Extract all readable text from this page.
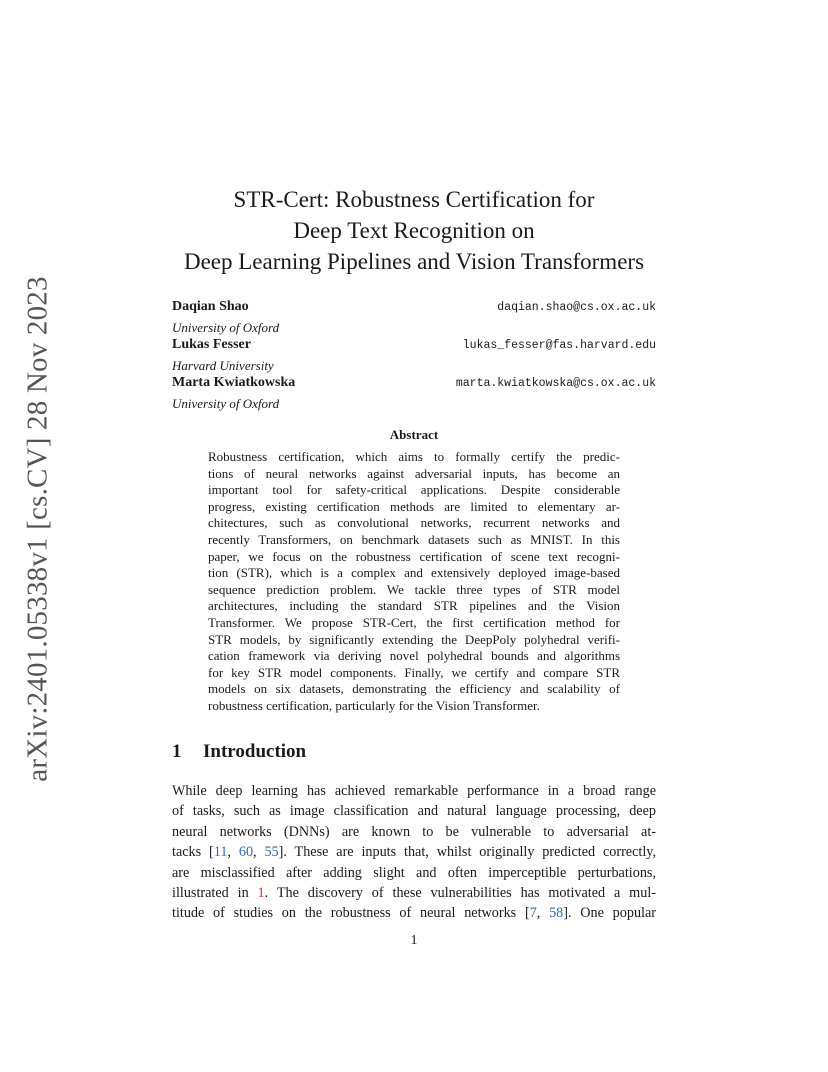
arXiv:2401.05338v1 [cs.CV] 28 Nov 2023
STR-Cert: Robustness Certification for
Deep Text Recognition on
Deep Learning Pipelines and Vision Transformers
Daqian Shao	daqian.shao@cs.ox.ac.uk
University of Oxford
Lukas Fesser	lukas_fesser@fas.harvard.edu
Harvard University
Marta Kwiatkowska	marta.kwiatkowska@cs.ox.ac.uk
University of Oxford
Abstract
Robustness certification, which aims to formally certify the predic-
tions of neural networks against adversarial inputs, has become an
important tool for safety-critical applications. Despite considerable
progress, existing certification methods are limited to elementary ar-
chitectures, such as convolutional networks, recurrent networks and
recently Transformers, on benchmark datasets such as MNIST. In this
paper, we focus on the robustness certification of scene text recogni-
tion (STR), which is a complex and extensively deployed image-based
sequence prediction problem. We tackle three types of STR model
architectures, including the standard STR pipelines and the Vision
Transformer. We propose STR-Cert, the first certification method for
STR models, by significantly extending the DeepPoly polyhedral verifi-
cation framework via deriving novel polyhedral bounds and algorithms
for key STR model components. Finally, we certify and compare STR
models on six datasets, demonstrating the efficiency and scalability of
robustness certification, particularly for the Vision Transformer.
1 Introduction
While deep learning has achieved remarkable performance in a broad range
of tasks, such as image classification and natural language processing, deep
neural networks (DNNs) are known to be vulnerable to adversarial at-
tacks [11, 60, 55]. These are inputs that, whilst originally predicted correctly,
are misclassified after adding slight and often imperceptible perturbations,
illustrated in 1. The discovery of these vulnerabilities has motivated a mul-
titude of studies on the robustness of neural networks [7, 58]. One popular
1
